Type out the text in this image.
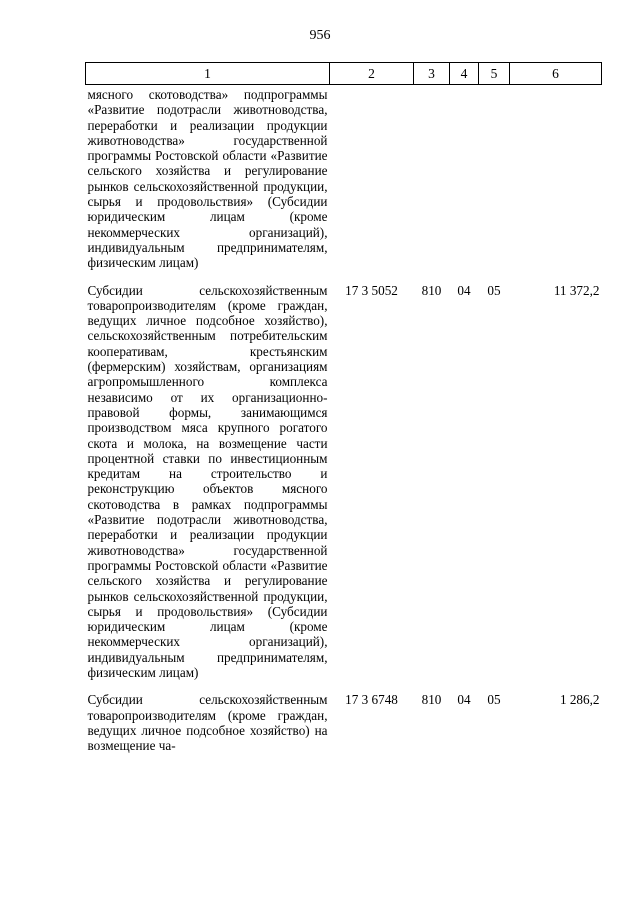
956
1	2	3	4	5	6
мясного скотоводства» подпрограммы «Развитие подотрасли животноводства, переработки и реализации продукции животноводства» государственной программы Ростовской области «Развитие сельского хозяйства и регулирование рынков сельскохозяйственной продукции, сырья и продовольствия» (Субсидии юридическим лицам (кроме некоммерческих организаций), индивидуальным предпринимателям, физическим лицам)					
Субсидии сельскохозяйственным товаропроизводителям (кроме граждан, ведущих личное подсобное хозяйство), сельскохозяйственным потребительским кооперативам, крестьянским (фермерским) хозяйствам, организациям агропромышленного комплекса независимо от их организационно-правовой формы, занимающимся производством мяса крупного рогатого скота и молока, на возмещение части процентной ставки по инвестиционным кредитам на строительство и реконструкцию объектов мясного скотоводства в рамках подпрограммы «Развитие подотрасли животноводства, переработки и реализации продукции животноводства» государственной программы Ростовской области «Развитие сельского хозяйства и регулирование рынков сельскохозяйственной продукции, сырья и продовольствия» (Субсидии юридическим лицам (кроме некоммерческих организаций), индивидуальным предпринимателям, физическим лицам)	17 3 5052	810	04	05	11 372,2
Субсидии сельскохозяйственным товаропроизводителям (кроме граждан, ведущих личное подсобное хозяйство) на возмещение ча-	17 3 6748	810	04	05	1 286,2
